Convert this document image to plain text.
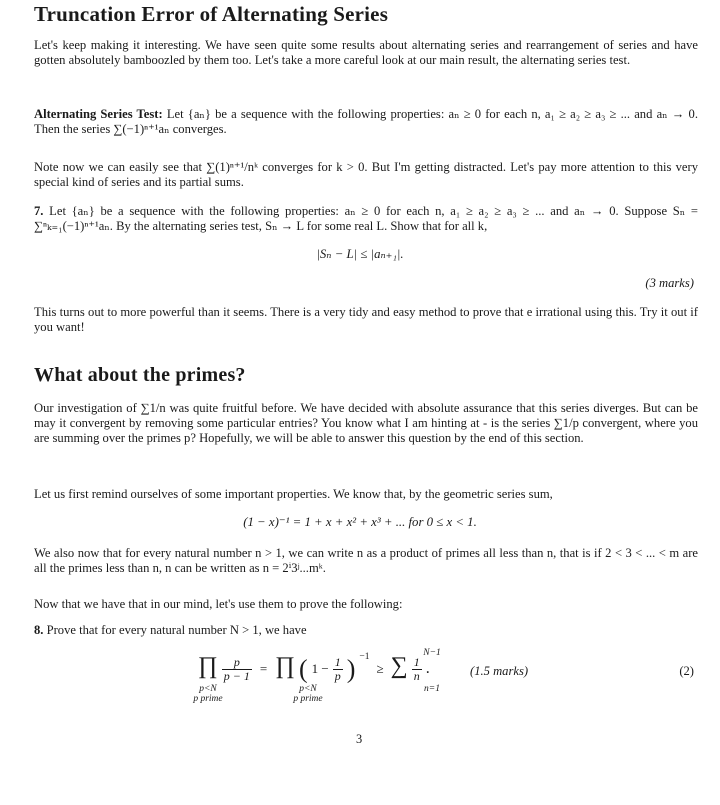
Truncation Error of Alternating Series

Let's keep making it interesting. We have seen quite some results about alternating series and rearrangement of series and have gotten absolutely bamboozled by them too. Let's take a more careful look at our main result, the alternating series test.

Alternating Series Test: Let {aₙ} be a sequence with the following properties: aₙ ≥ 0 for each n, a₁ ≥ a₂ ≥ a₃ ≥ ... and aₙ → 0. Then the series ∑(−1)ⁿ⁺¹aₙ converges.

Note now we can easily see that ∑(1)ⁿ⁺¹/nᵏ converges for k > 0. But I'm getting distracted. Let's pay more attention to this very special kind of series and its partial sums.

7. Let {aₙ} be a sequence with the following properties: aₙ ≥ 0 for each n, a₁ ≥ a₂ ≥ a₃ ≥ ... and aₙ → 0. Suppose Sₙ = ∑ⁿₖ₌₁(−1)ⁿ⁺¹aₙ. By the alternating series test, Sₙ → L for some real L. Show that for all k,

|Sₙ − L| ≤ |aₙ₊₁|.
(3 marks)

This turns out to more powerful than it seems. There is a very tidy and easy method to prove that e irrational using this. Try it out if you want!

What about the primes?

Our investigation of ∑1/n was quite fruitful before. We have decided with absolute assurance that this series diverges. But can be may it convergent by removing some particular entries? You know what I am hinting at - is the series ∑1/p convergent, where you are summing over the primes p? Hopefully, we will be able to answer this question by the end of this section.

Let us first remind ourselves of some important properties. We know that, by the geometric series sum,

(1 − x)⁻¹ = 1 + x + x² + x³ + ... for 0 ≤ x < 1.

We also now that for every natural number n > 1, we can write n as a product of primes all less than n, that is if 2 < 3 < ... < m are all the primes less than n, n can be written as n = 2ⁱ3ʲ...mᵏ.

Now that we have that in our mind, let's use them to prove the following:

8. Prove that for every natural number N > 1, we have

∏ $\frac{p}{p - 1}$ = ∏ ( $1 - \frac{1}{p}$ ) $^{-1}$ ≥ ∑ $\frac{1}{n}$ .
p<N
p prime
p<N
p prime
N−1
n=1
(1.5 marks)	(2)
3
